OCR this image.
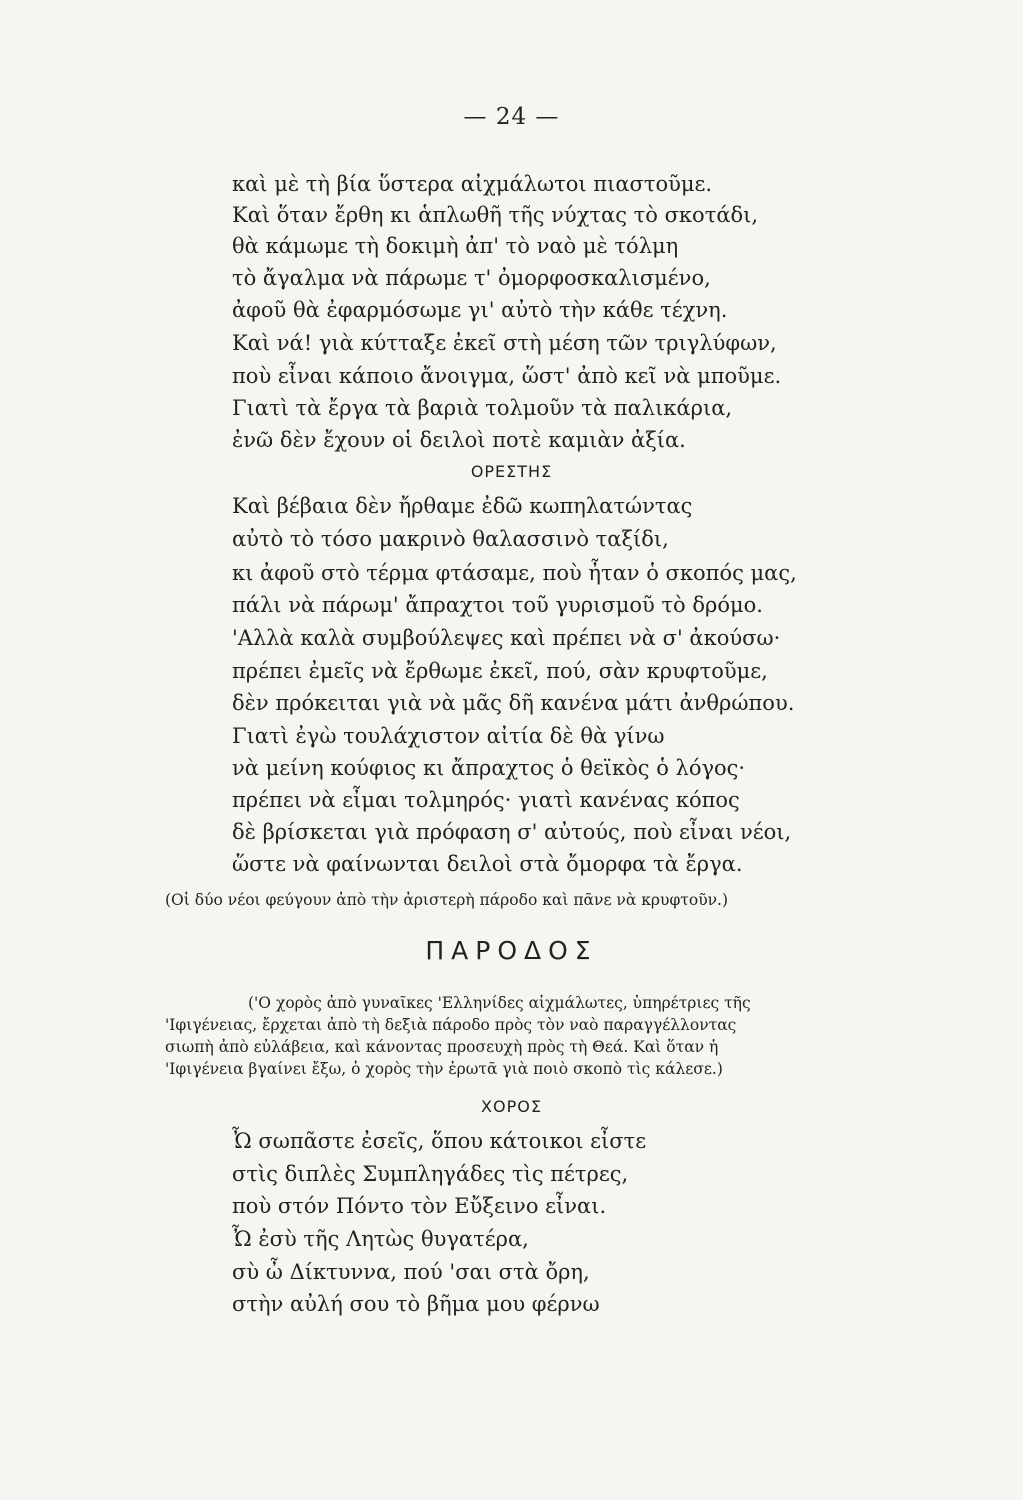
— 24 —
καὶ μὲ τὴ βία ὕστερα αἰχμάλωτοι πιαστοῦμε.
Καὶ ὅταν ἔρθη κι ἁπλωθῆ τῆς νύχτας τὸ σκοτάδι,
θὰ κάμωμε τὴ δοκιμὴ ἀπ' τὸ ναὸ μὲ τόλμη
τὸ ἄγαλμα νὰ πάρωμε τ' ὀμορφοσκαλισμένο,
ἀφοῦ θὰ ἐφαρμόσωμε γι' αὐτὸ τὴν κάθε τέχνη.
Καὶ νά! γιὰ κύτταξε ἐκεῖ στὴ μέση τῶν τριγλύφων,
ποὺ εἶναι κάποιο ἄνοιγμα, ὥστ' ἀπὸ κεῖ νὰ μποῦμε.
Γιατὶ τὰ ἔργα τὰ βαριὰ τολμοῦν τὰ παλικάρια,
ἐνῶ δὲν ἔχουν οἱ δειλοὶ ποτὲ καμιὰν ἀξία.
ΟΡΕΣΤΗΣ
Καὶ βέβαια δὲν ἤρθαμε ἐδῶ κωπηλατώντας
αὐτὸ τὸ τόσο μακρινὸ θαλασσινὸ ταξίδι,
κι ἀφοῦ στὸ τέρμα φτάσαμε, ποὺ ἦταν ὁ σκοπός μας,
πάλι νὰ πάρωμ' ἄπραχτοι τοῦ γυρισμοῦ τὸ δρόμο.
'Αλλὰ καλὰ συμβούλεψες καὶ πρέπει νὰ σ' ἀκούσω·
πρέπει ἐμεῖς νὰ ἔρθωμε ἐκεῖ, πού, σὰν κρυφτοῦμε,
δὲν πρόκειται γιὰ νὰ μᾶς δῆ κανένα μάτι ἀνθρώπου.
Γιατὶ ἐγὼ τουλάχιστον αἰτία δὲ θὰ γίνω
νὰ μείνη κούφιος κι ἄπραχτος ὁ θεϊκὸς ὁ λόγος·
πρέπει νὰ εἶμαι τολμηρός· γιατὶ κανένας κόπος
δὲ βρίσκεται γιὰ πρόφαση σ' αὐτούς, ποὺ εἶναι νέοι,
ὥστε νὰ φαίνωνται δειλοὶ στὰ ὄμορφα τὰ ἔργα.
(Οἱ δύο νέοι φεύγουν ἀπὸ τὴν ἀριστερὴ πάροδο καὶ πᾶνε νὰ κρυφτοῦν.)
ΠΑΡΟΔΟΣ
('Ο χορὸς ἀπὸ γυναῖκες 'Ελληνίδες αἰχμάλωτες, ὑπηρέτριες τῆς
'Ιφιγένειας, ἔρχεται ἀπὸ τὴ δεξιὰ πάροδο πρὸς τὸν ναὸ παραγγέλλοντας
σιωπὴ ἀπὸ εὐλάβεια, καὶ κάνοντας προσευχὴ πρὸς τὴ Θεά. Καὶ ὅταν ἡ
'Ιφιγένεια βγαίνει ἔξω, ὁ χορὸς τὴν ἐρωτᾶ γιὰ ποιὸ σκοπὸ τὶς κάλεσε.)
ΧΟΡΟΣ
Ὦ σωπᾶστε ἐσεῖς, ὅπου κάτοικοι εἶστε
στὶς διπλὲς Συμπληγάδες τὶς πέτρες,
ποὺ στόν Πόντο τὸν Εὔξεινο εἶναι.
Ὦ ἐσὺ τῆς Λητὼς θυγατέρα,
σὺ ὦ Δίκτυννα, πού 'σαι στὰ ὄρη,
στὴν αὐλή σου τὸ βῆμα μου φέρνω
